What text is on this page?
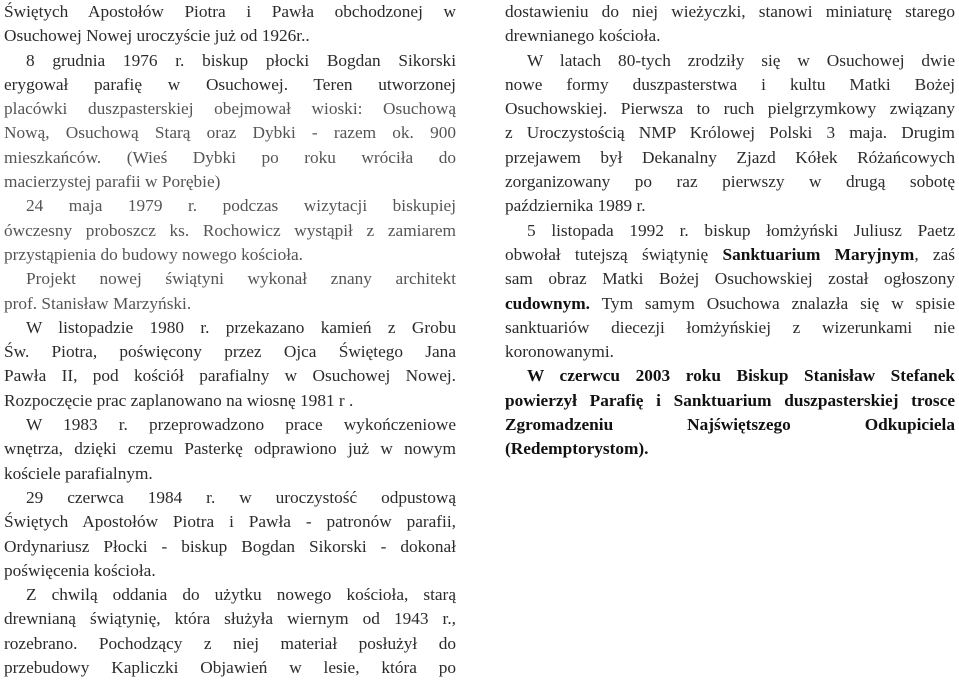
Świętych Apostołów Piotra i Pawła obchodzonej w
Osuchowej Nowej uroczyście już od 1926r..
8 grudnia 1976 r. biskup płocki Bogdan Sikorski
erygował parafię w Osuchowej. Teren utworzonej
placówki duszpasterskiej obejmował wioski: Osuchową
Nową, Osuchową Starą oraz Dybki - razem ok. 900
mieszkańców. (Wieś Dybki po roku wróciła do
macierzystej parafii w Porębie)
24 maja 1979 r. podczas wizytacji biskupiej
ówczesny proboszcz ks. Rochowicz wystąpił z zamiarem
przystąpienia do budowy nowego kościoła.
Projekt nowej świątyni wykonał znany architekt
prof. Stanisław Marzyński.
W listopadzie 1980 r. przekazano kamień z Grobu
Św. Piotra, poświęcony przez Ojca Świętego Jana
Pawła II, pod kościół parafialny w Osuchowej Nowej.
Rozpoczęcie prac zaplanowano na wiosnę 1981 r .
W 1983 r. przeprowadzono prace wykończeniowe
wnętrza, dzięki czemu Pasterkę odprawiono już w nowym
kościele parafialnym.
29 czerwca 1984 r. w uroczystość odpustową
Świętych Apostołów Piotra i Pawła - patronów parafii,
Ordynariusz Płocki - biskup Bogdan Sikorski - dokonał
poświęcenia kościoła.
Z chwilą oddania do użytku nowego kościoła, starą
drewnianą świątynię, która służyła wiernym od 1943 r.,
rozebrano. Pochodzący z niej materiał posłużył do
przebudowy Kapliczki Objawień w lesie, która po
dostawieniu do niej wieżyczki, stanowi miniaturę starego
drewnianego kościoła.
W latach 80-tych zrodziły się w Osuchowej dwie
nowe formy duszpasterstwa i kultu Matki Bożej
Osuchowskiej. Pierwsza to ruch pielgrzymkowy związany
z Uroczystością NMP Królowej Polski 3 maja. Drugim
przejawem był Dekanalny Zjazd Kółek Różańcowych
zorganizowany po raz pierwszy w drugą sobotę
października 1989 r.
5 listopada 1992 r. biskup łomżyński Juliusz Paetz
obwołał tutejszą świątynię Sanktuarium Maryjnym, zaś
sam obraz Matki Bożej Osuchowskiej został ogłoszony
cudownym. Tym samym Osuchowa znalazła się w spisie
sanktuariów diecezji łomżyńskiej z wizerunkami nie
koronowanymi.
W czerwcu 2003 roku Biskup Stanisław Stefanek
powierzył Parafię i Sanktuarium duszpasterskiej trosce
Zgromadzeniu Najświętszego Odkupiciela
(Redemptorystom).
